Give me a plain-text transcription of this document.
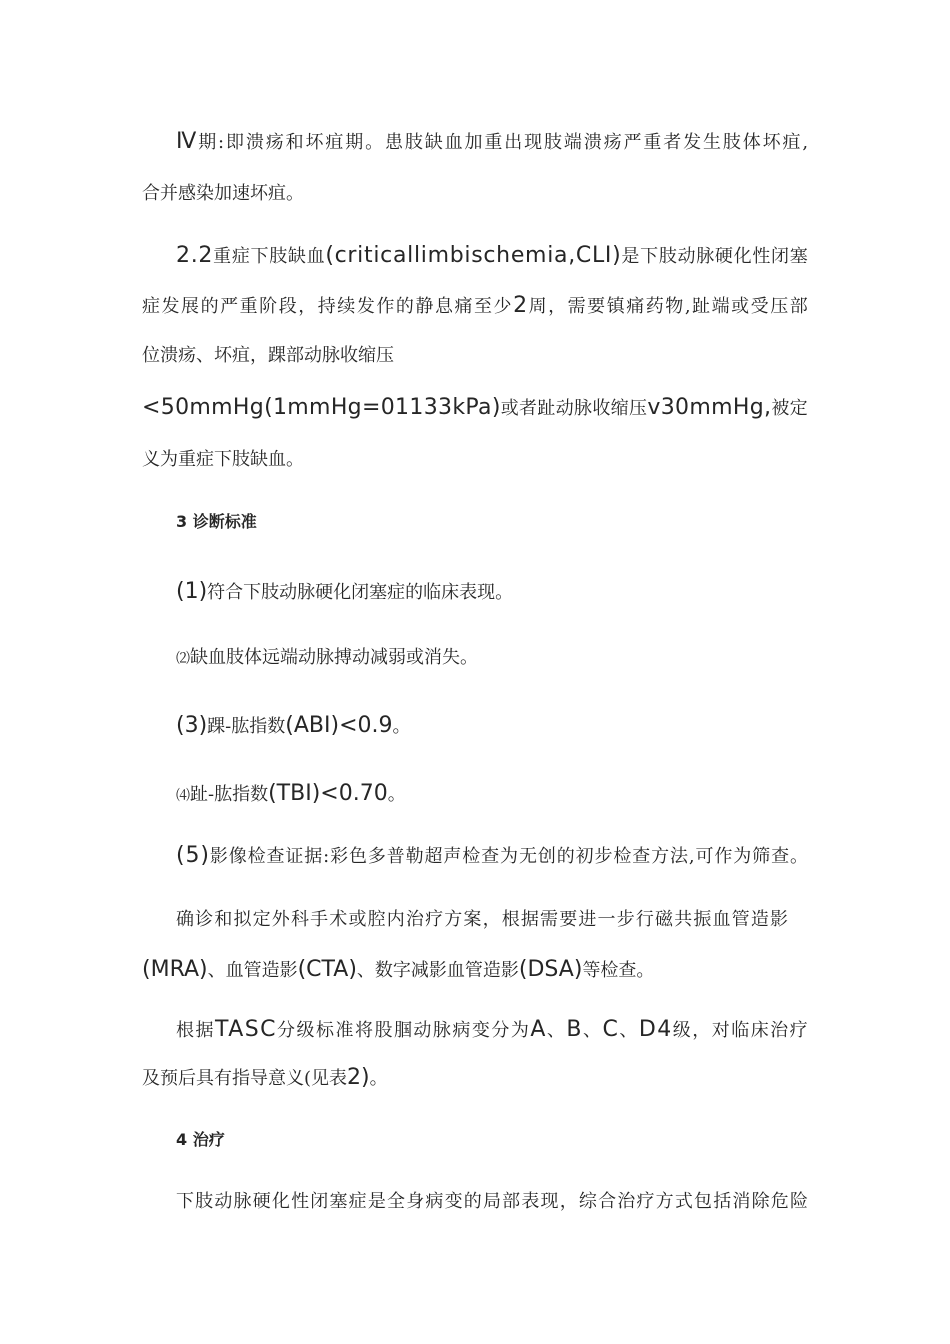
Ⅳ期:即溃疡和坏疽期。患肢缺血加重出现肢端溃疡严重者发生肢体坏疽,
合并感染加速坏疽。
2.2重症下肢缺血(criticallimbischemia,CLI)是下肢动脉硬化性闭塞
症发展的严重阶段，持续发作的静息痛至少2周，需要镇痛药物,趾端或受压部
位溃疡、坏疽，踝部动脉收缩压
<50mmHg(1mmHg=01133kPa)或者趾动脉收缩压v30mmHg,被定
义为重症下肢缺血。
3 诊断标准
(1)符合下肢动脉硬化闭塞症的临床表现。
⑵缺血肢体远端动脉搏动减弱或消失。
(3)踝-肱指数(ABI)<0.9。
⑷趾-肱指数(TBI)<0.70。
(5)影像检查证据:彩色多普勒超声检查为无创的初步检查方法,可作为筛查。
确诊和拟定外科手术或腔内治疗方案，根据需要进一步行磁共振血管造影
(MRA)、血管造影(CTA)、数字减影血管造影(DSA)等检查。
根据TASC分级标准将股腘动脉病变分为A、B、C、D4级，对临床治疗
及预后具有指导意义(见表2)。
4 治疗
下肢动脉硬化性闭塞症是全身病变的局部表现，综合治疗方式包括消除危险
